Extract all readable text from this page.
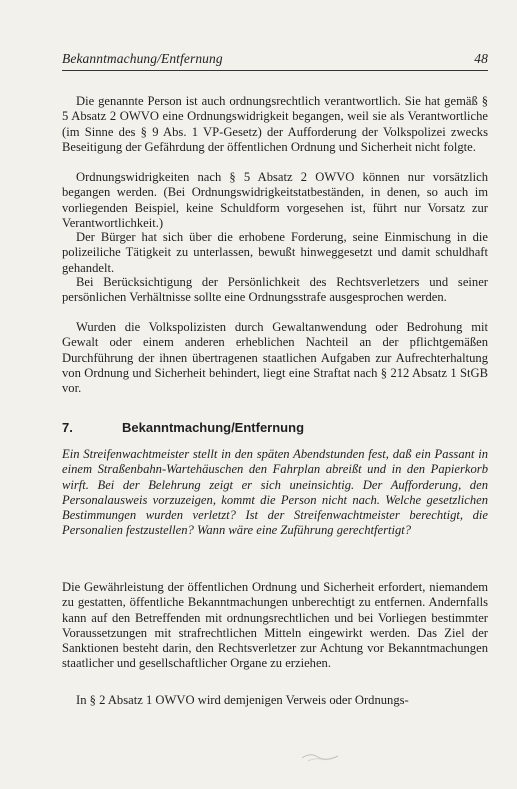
Bekanntmachung/Entfernung	48

Die genannte Person ist auch ordnungsrechtlich verantwortlich. Sie hat gemäß § 5 Absatz 2 OWVO eine Ordnungswidrigkeit begangen, weil sie als Verantwortliche (im Sinne des § 9 Abs. 1 VP-Gesetz) der Aufforderung der Volkspolizei zwecks Beseitigung der Gefährdung der öffentlichen Ordnung und Sicherheit nicht folgte.

Ordnungswidrigkeiten nach § 5 Absatz 2 OWVO können nur vorsätzlich begangen werden. (Bei Ordnungswidrigkeitstatbeständen, in denen, so auch im vorliegenden Beispiel, keine Schuldform vorgesehen ist, führt nur Vorsatz zur Verantwortlichkeit.)

Der Bürger hat sich über die erhobene Forderung, seine Einmischung in die polizeiliche Tätigkeit zu unterlassen, bewußt hinweggesetzt und damit schuldhaft gehandelt.

Bei Berücksichtigung der Persönlichkeit des Rechtsverletzers und seiner persönlichen Verhältnisse sollte eine Ordnungsstrafe ausgesprochen werden.

Wurden die Volkspolizisten durch Gewaltanwendung oder Bedrohung mit Gewalt oder einem anderen erheblichen Nachteil an der pflichtgemäßen Durchführung der ihnen übertragenen staatlichen Aufgaben zur Aufrechterhaltung von Ordnung und Sicherheit behindert, liegt eine Straftat nach § 212 Absatz 1 StGB vor.

7.	Bekanntmachung/Entfernung

Ein Streifenwachtmeister stellt in den späten Abendstunden fest, daß ein Passant in einem Straßenbahn-Wartehäuschen den Fahrplan abreißt und in den Papierkorb wirft. Bei der Belehrung zeigt er sich uneinsichtig. Der Aufforderung, den Personalausweis vorzuzeigen, kommt die Person nicht nach. Welche gesetzlichen Bestimmungen wurden verletzt? Ist der Streifenwachtmeister berechtigt, die Personalien festzustellen? Wann wäre eine Zuführung gerechtfertigt?

Die Gewährleistung der öffentlichen Ordnung und Sicherheit erfordert, niemandem zu gestatten, öffentliche Bekanntmachungen unberechtigt zu entfernen. Andernfalls kann auf den Betreffenden mit ordnungsrechtlichen und bei Vorliegen bestimmter Voraussetzungen mit strafrechtlichen Mitteln eingewirkt werden. Das Ziel der Sanktionen besteht darin, den Rechtsverletzer zur Achtung vor Bekanntmachungen staatlicher und gesellschaftlicher Organe zu erziehen.

In § 2 Absatz 1 OWVO wird demjenigen Verweis oder Ordnungs-
